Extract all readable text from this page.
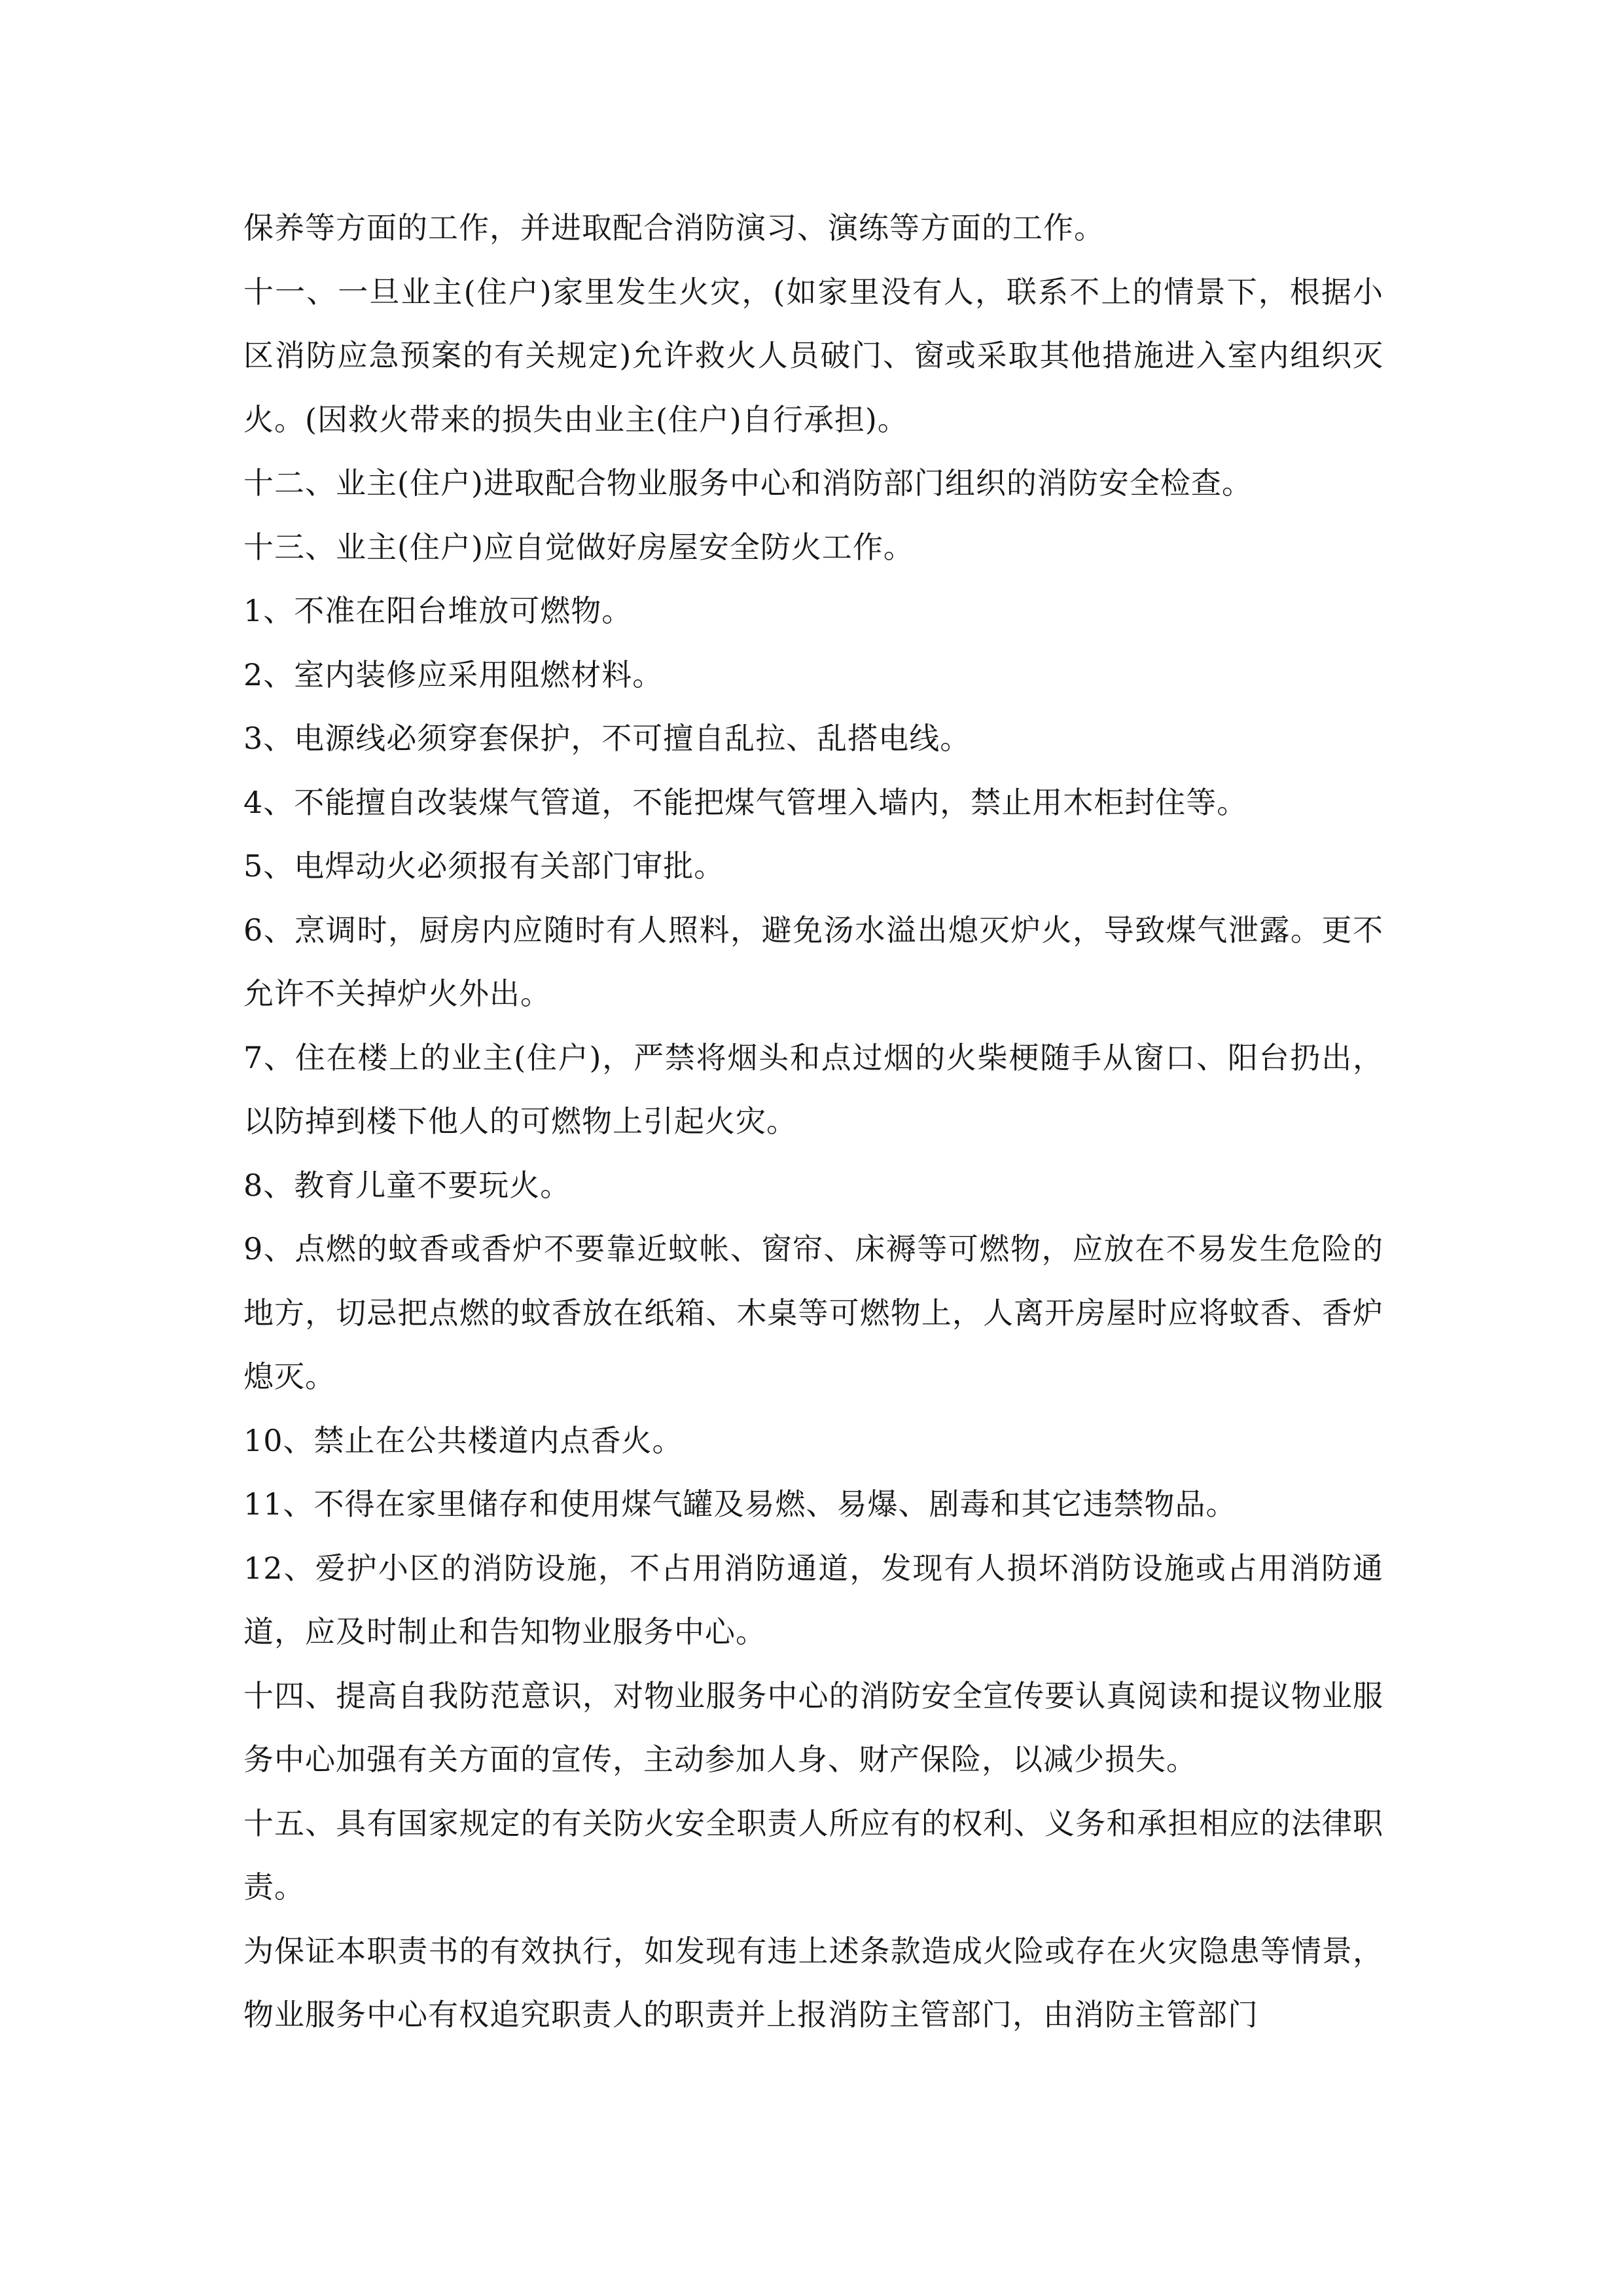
保养等方面的工作，并进取配合消防演习、演练等方面的工作。

十一、一旦业主(住户)家里发生火灾，(如家里没有人，联系不上的情景下，根据小区消防应急预案的有关规定)允许救火人员破门、窗或采取其他措施进入室内组织灭火。(因救火带来的损失由业主(住户)自行承担)。

十二、业主(住户)进取配合物业服务中心和消防部门组织的消防安全检查。

十三、业主(住户)应自觉做好房屋安全防火工作。

1、不准在阳台堆放可燃物。

2、室内装修应采用阻燃材料。

3、电源线必须穿套保护，不可擅自乱拉、乱搭电线。

4、不能擅自改装煤气管道，不能把煤气管埋入墙内，禁止用木柜封住等。

5、电焊动火必须报有关部门审批。

6、烹调时，厨房内应随时有人照料，避免汤水溢出熄灭炉火，导致煤气泄露。更不允许不关掉炉火外出。

7、住在楼上的业主(住户)，严禁将烟头和点过烟的火柴梗随手从窗口、阳台扔出，以防掉到楼下他人的可燃物上引起火灾。

8、教育儿童不要玩火。

9、点燃的蚊香或香炉不要靠近蚊帐、窗帘、床褥等可燃物，应放在不易发生危险的地方，切忌把点燃的蚊香放在纸箱、木桌等可燃物上，人离开房屋时应将蚊香、香炉熄灭。

10、禁止在公共楼道内点香火。

11、不得在家里储存和使用煤气罐及易燃、易爆、剧毒和其它违禁物品。

12、爱护小区的消防设施，不占用消防通道，发现有人损坏消防设施或占用消防通道，应及时制止和告知物业服务中心。

十四、提高自我防范意识，对物业服务中心的消防安全宣传要认真阅读和提议物业服务中心加强有关方面的宣传，主动参加人身、财产保险，以减少损失。

十五、具有国家规定的有关防火安全职责人所应有的权利、义务和承担相应的法律职责。

为保证本职责书的有效执行，如发现有违上述条款造成火险或存在火灾隐患等情景，物业服务中心有权追究职责人的职责并上报消防主管部门，由消防主管部门
